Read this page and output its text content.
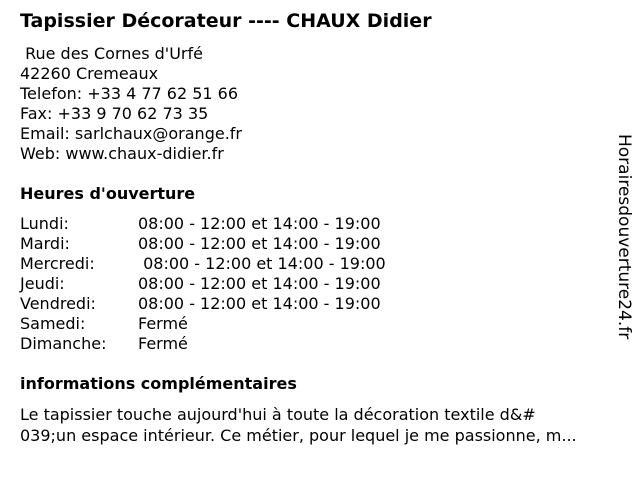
Tapissier Décorateur ---- CHAUX Didier
Rue des Cornes d'Urfé
42260 Cremeaux
Telefon: +33 4 77 62 51 66
Fax: +33 9 70 62 73 35
Email: sarlchaux@orange.fr
Web: www.chaux-didier.fr
Heures d'ouverture
Lundi:	08:00 - 12:00 et 14:00 - 19:00
Mardi:	08:00 - 12:00 et 14:00 - 19:00
Mercredi:	08:00 - 12:00 et 14:00 - 19:00
Jeudi:	08:00 - 12:00 et 14:00 - 19:00
Vendredi:	08:00 - 12:00 et 14:00 - 19:00
Samedi:	Fermé
Dimanche:	Fermé
informations complémentaires
Le tapissier touche aujourd'hui à toute la décoration textile d&#
039;un espace intérieur. Ce métier, pour lequel je me passionne, m...
Horairesdouverture24.fr
